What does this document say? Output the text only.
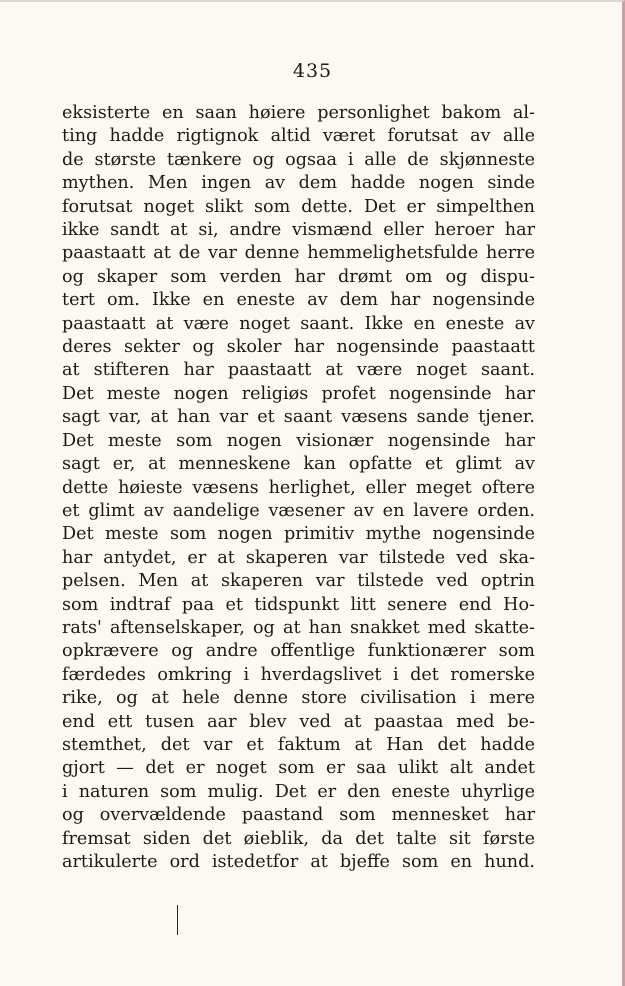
435
eksisterte en saan høiere personlighet bakom al-
ting hadde rigtignok altid været forutsat av alle
de største tænkere og ogsaa i alle de skjønneste
mythen. Men ingen av dem hadde nogen sinde
forutsat noget slikt som dette. Det er simpelthen
ikke sandt at si, andre vismænd eller heroer har
paastaatt at de var denne hemmelighetsfulde herre
og skaper som verden har drømt om og dispu-
tert om. Ikke en eneste av dem har nogensinde
paastaatt at være noget saant. Ikke en eneste av
deres sekter og skoler har nogensinde paastaatt
at stifteren har paastaatt at være noget saant.
Det meste nogen religiøs profet nogensinde har
sagt var, at han var et saant væsens sande tjener.
Det meste som nogen visionær nogensinde har
sagt er, at menneskene kan opfatte et glimt av
dette høieste væsens herlighet, eller meget oftere
et glimt av aandelige væsener av en lavere orden.
Det meste som nogen primitiv mythe nogensinde
har antydet, er at skaperen var tilstede ved ska-
pelsen. Men at skaperen var tilstede ved optrin
som indtraf paa et tidspunkt litt senere end Ho-
rats' aftenselskaper, og at han snakket med skatte-
opkrævere og andre offentlige funktionærer som
færdedes omkring i hverdagslivet i det romerske
rike, og at hele denne store civilisation i mere
end ett tusen aar blev ved at paastaa med be-
stemthet, det var et faktum at Han det hadde
gjort — det er noget som er saa ulikt alt andet
i naturen som mulig. Det er den eneste uhyrlige
og overvældende paastand som mennesket har
fremsat siden det øieblik, da det talte sit første
artikulerte ord istedetfor at bjeffe som en hund.
